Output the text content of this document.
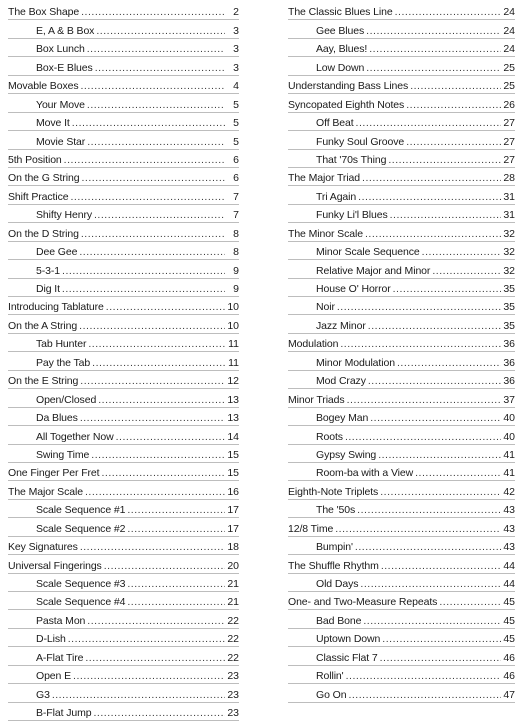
The Box Shape . . .	2
E, A & B Box . . .	3
Box Lunch . . .	3
Box-E Blues . . .	3
Movable Boxes . . .	4
Your Move . . .	5
Move It . . .	5
Movie Star . . .	5
5th Position . . .	6
On the G String . . .	6
Shift Practice . . .	7
Shifty Henry . . .	7
On the D String . . .	8
Dee Gee . . .	8
5-3-1 . . .	9
Dig It . . .	9
Introducing Tablature . . .	10
On the A String . . .	10
Tab Hunter . . .	11
Pay the Tab . . .	11
On the E String . . .	12
Open/Closed . . .	13
Da Blues . . .	13
All Together Now . . .	14
Swing Time . . .	15
One Finger Per Fret . . .	15
The Major Scale . . .	16
Scale Sequence #1 . . .	17
Scale Sequence #2 . . .	17
Key Signatures . . .	18
Universal Fingerings . . .	20
Scale Sequence #3 . . .	21
Scale Sequence #4 . . .	21
Pasta Mon . . .	22
D-Lish . . .	22
A-Flat Tire . . .	22
Open E . . .	23
G3 . . .	23
B-Flat Jump . . .	23
The Classic Blues Line . . .	24
Gee Blues . . .	24
Aay, Blues! . . .	24
Low Down . . .	25
Understanding Bass Lines . . .	25
Syncopated Eighth Notes . . .	26
Off Beat . . .	27
Funky Soul Groove . . .	27
That '70s Thing . . .	27
The Major Triad . . .	28
Tri Again . . .	31
Funky Li'l Blues . . .	31
The Minor Scale . . .	32
Minor Scale Sequence . . .	32
Relative Major and Minor . . .	32
House O' Horror . . .	35
Noir . . .	35
Jazz Minor . . .	35
Modulation . . .	36
Minor Modulation . . .	36
Mod Crazy . . .	36
Minor Triads . . .	37
Bogey Man . . .	40
Roots . . .	40
Gypsy Swing . . .	41
Room-ba with a View . . .	41
Eighth-Note Triplets . . .	42
The '50s . . .	43
12/8 Time . . .	43
Bumpin' . . .	43
The Shuffle Rhythm . . .	44
Old Days . . .	44
One- and Two-Measure Repeats . . .	45
Bad Bone . . .	45
Uptown Down . . .	45
Classic Flat 7 . . .	46
Rollin' . . .	46
Go On . . .	47
